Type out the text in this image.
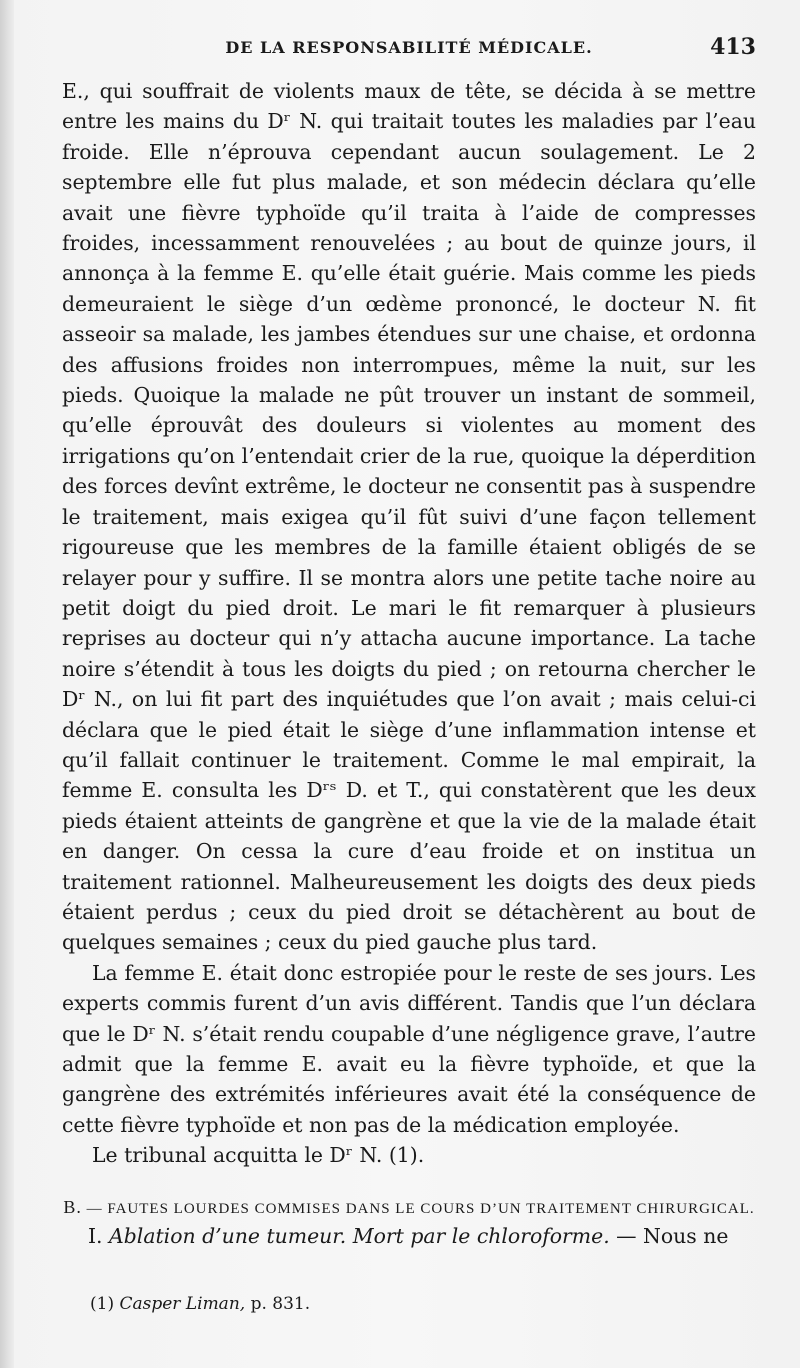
DE LA RESPONSABILITÉ MÉDICALE.	413

E., qui souffrait de violents maux de tête, se décida à se mettre entre les mains du Dʳ N. qui traitait toutes les maladies par l’eau froide. Elle n’éprouva cependant aucun soulagement. Le 2 septembre elle fut plus malade, et son médecin déclara qu’elle avait une fièvre typhoïde qu’il traita à l’aide de compresses froides, incessamment renouvelées ; au bout de quinze jours, il annonça à la femme E. qu’elle était guérie. Mais comme les pieds demeuraient le siège d’un œdème prononcé, le docteur N. fit asseoir sa malade, les jambes étendues sur une chaise, et ordonna des affusions froides non interrompues, même la nuit, sur les pieds. Quoique la malade ne pût trouver un instant de sommeil, qu’elle éprouvât des douleurs si violentes au moment des irrigations qu’on l’entendait crier de la rue, quoique la déperdition des forces devînt extrême, le docteur ne consentit pas à suspendre le traitement, mais exigea qu’il fût suivi d’une façon tellement rigoureuse que les membres de la famille étaient obligés de se relayer pour y suffire. Il se montra alors une petite tache noire au petit doigt du pied droit. Le mari le fit remarquer à plusieurs reprises au docteur qui n’y attacha aucune importance. La tache noire s’étendit à tous les doigts du pied ; on retourna chercher le Dʳ N., on lui fit part des inquiétudes que l’on avait ; mais celui-ci déclara que le pied était le siège d’une inflammation intense et qu’il fallait continuer le traitement. Comme le mal empirait, la femme E. consulta les Dʳˢ D. et T., qui constatèrent que les deux pieds étaient atteints de gangrène et que la vie de la malade était en danger. On cessa la cure d’eau froide et on institua un traitement rationnel. Malheureusement les doigts des deux pieds étaient perdus ; ceux du pied droit se détachèrent au bout de quelques semaines ; ceux du pied gauche plus tard.

La femme E. était donc estropiée pour le reste de ses jours. Les experts commis furent d’un avis différent. Tandis que l’un déclara que le Dʳ N. s’était rendu coupable d’une négligence grave, l’autre admit que la femme E. avait eu la fièvre typhoïde, et que la gangrène des extrémités inférieures avait été la conséquence de cette fièvre typhoïde et non pas de la médication employée.

Le tribunal acquitta le Dʳ N. (1).

B. — FAUTES LOURDES COMMISES DANS LE COURS D’UN TRAITEMENT CHIRURGICAL.

I. Ablation d’une tumeur. Mort par le chloroforme. — Nous ne

(1) Casper Liman, p. 831.
